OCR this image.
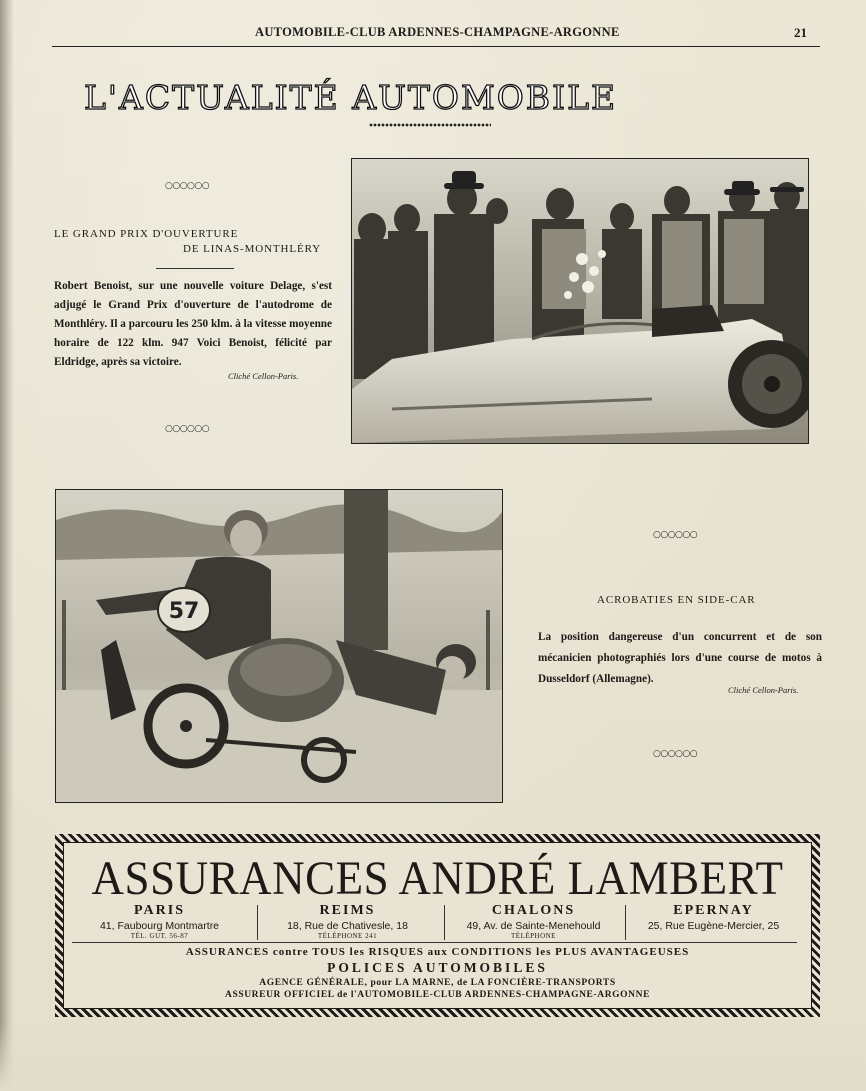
AUTOMOBILE-CLUB ARDENNES-CHAMPAGNE-ARGONNE	21
L'ACTUALITÉ AUTOMOBILE
○○○○○○
LE GRAND PRIX D'OUVERTURE
DE LINAS-MONTHLÉRY
Robert Benoist, sur une nouvelle voiture Delage, s'est adjugé le Grand Prix d'ouverture de l'autodrome de Monthléry. Il a parcouru les 250 klm. à la vitesse moyenne horaire de 122 klm. 947 Voici Benoist, félicité par Eldridge, après sa victoire.
Cliché Cellon-Paris.
○○○○○○
57
○○○○○○
ACROBATIES EN SIDE-CAR
La position dangereuse d'un concurrent et de son mécanicien photographiés lors d'une course de motos à Dusseldorf (Allemagne).
Cliché Cellon-Paris.
○○○○○○
ASSURANCES ANDRÉ LAMBERT
PARIS
41, Faubourg Montmartre
TÉL. GUT. 56-87
REIMS
18, Rue de Chativesle, 18
TÉLÉPHONE 241
CHALONS
49, Av. de Sainte-Menehould
TÉLÉPHONE
EPERNAY
25, Rue Eugène-Mercier, 25
ASSURANCES contre TOUS les RISQUES aux CONDITIONS les PLUS AVANTAGEUSES
POLICES AUTOMOBILES
AGENCE GÉNÉRALE, pour LA MARNE, de LA FONCIÈRE-TRANSPORTS
ASSUREUR OFFICIEL de l'AUTOMOBILE-CLUB ARDENNES-CHAMPAGNE-ARGONNE
